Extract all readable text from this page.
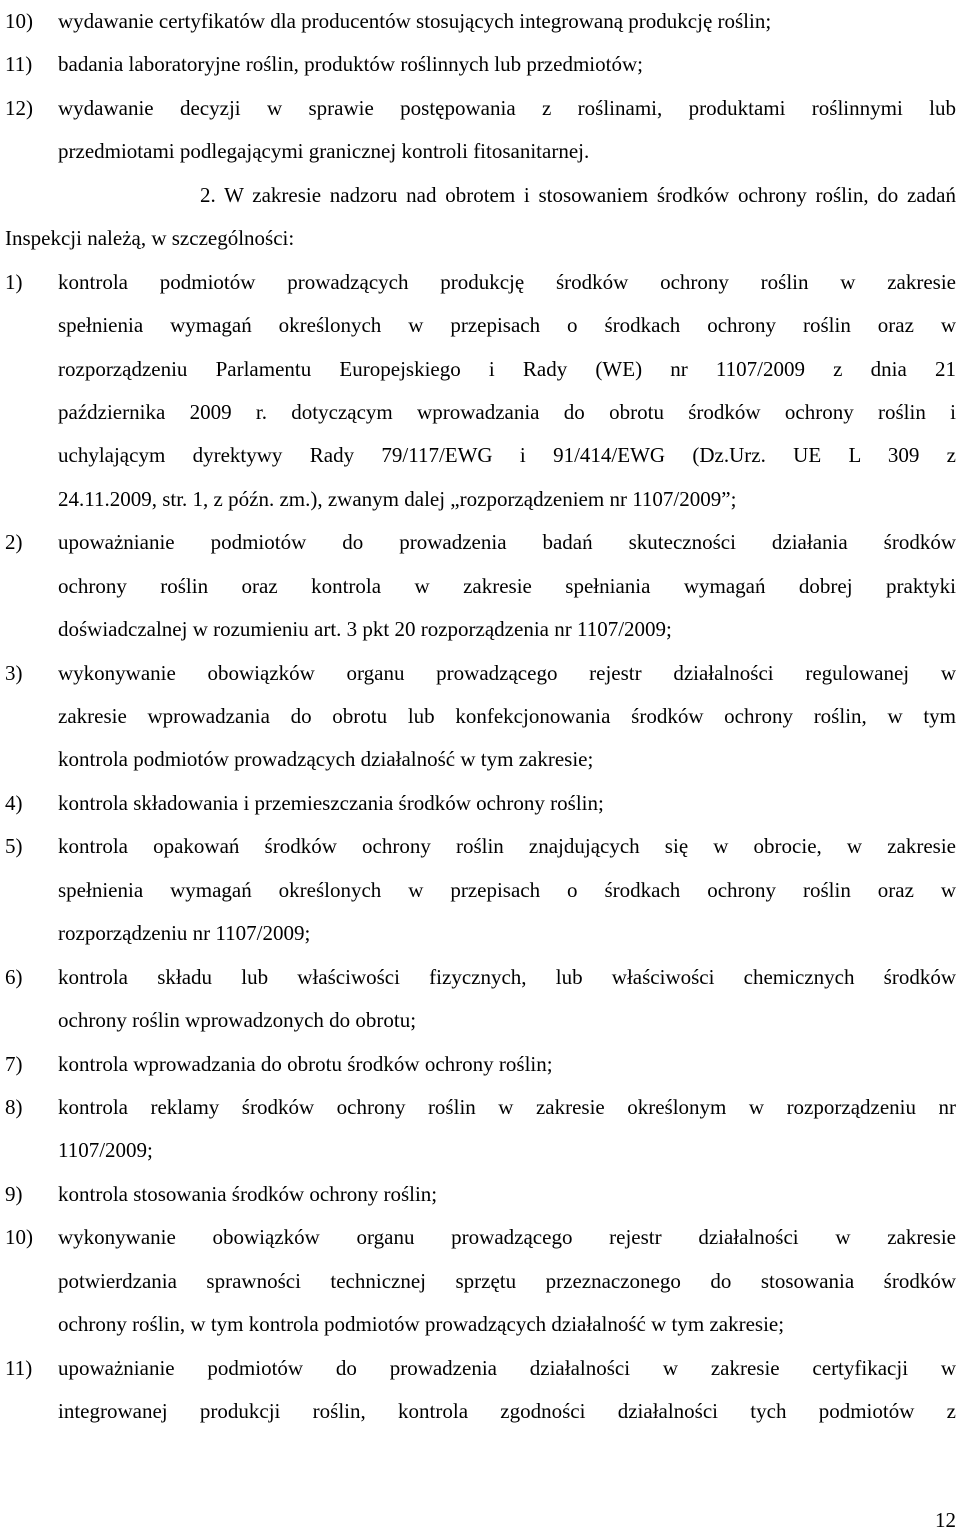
10) wydawanie certyfikatów dla producentów stosujących integrowaną produkcję roślin;
11) badania laboratoryjne roślin, produktów roślinnych lub przedmiotów;
12) wydawanie decyzji w sprawie postępowania z roślinami, produktami roślinnymi lub
przedmiotami podlegającymi granicznej kontroli fitosanitarnej.
2. W zakresie nadzoru nad obrotem i stosowaniem środków ochrony roślin, do zadań
Inspekcji należą, w szczególności:
1) kontrola podmiotów prowadzących produkcję środków ochrony roślin w zakresie
spełnienia wymagań określonych w przepisach o środkach ochrony roślin oraz w
rozporządzeniu Parlamentu Europejskiego i Rady (WE) nr 1107/2009 z dnia 21
października 2009 r. dotyczącym wprowadzania do obrotu środków ochrony roślin i
uchylającym dyrektywy Rady 79/117/EWG i 91/414/EWG (Dz.Urz. UE L 309 z
24.11.2009, str. 1, z późn. zm.), zwanym dalej „rozporządzeniem nr 1107/2009”;
2) upoważnianie podmiotów do prowadzenia badań skuteczności działania środków
ochrony roślin oraz kontrola w zakresie spełniania wymagań dobrej praktyki
doświadczalnej w rozumieniu art. 3 pkt 20 rozporządzenia nr 1107/2009;
3) wykonywanie obowiązków organu prowadzącego rejestr działalności regulowanej w
zakresie wprowadzania do obrotu lub konfekcjonowania środków ochrony roślin, w tym
kontrola podmiotów prowadzących działalność w tym zakresie;
4) kontrola składowania i przemieszczania środków ochrony roślin;
5) kontrola opakowań środków ochrony roślin znajdujących się w obrocie, w zakresie
spełnienia wymagań określonych w przepisach o środkach ochrony roślin oraz w
rozporządzeniu nr 1107/2009;
6) kontrola składu lub właściwości fizycznych, lub właściwości chemicznych środków
ochrony roślin wprowadzonych do obrotu;
7) kontrola wprowadzania do obrotu środków ochrony roślin;
8) kontrola reklamy środków ochrony roślin w zakresie określonym w rozporządzeniu nr
1107/2009;
9) kontrola stosowania środków ochrony roślin;
10) wykonywanie obowiązków organu prowadzącego rejestr działalności w zakresie
potwierdzania sprawności technicznej sprzętu przeznaczonego do stosowania środków
ochrony roślin, w tym kontrola podmiotów prowadzących działalność w tym zakresie;
11) upoważnianie podmiotów do prowadzenia działalności w zakresie certyfikacji w
integrowanej produkcji roślin, kontrola zgodności działalności tych podmiotów z
12
